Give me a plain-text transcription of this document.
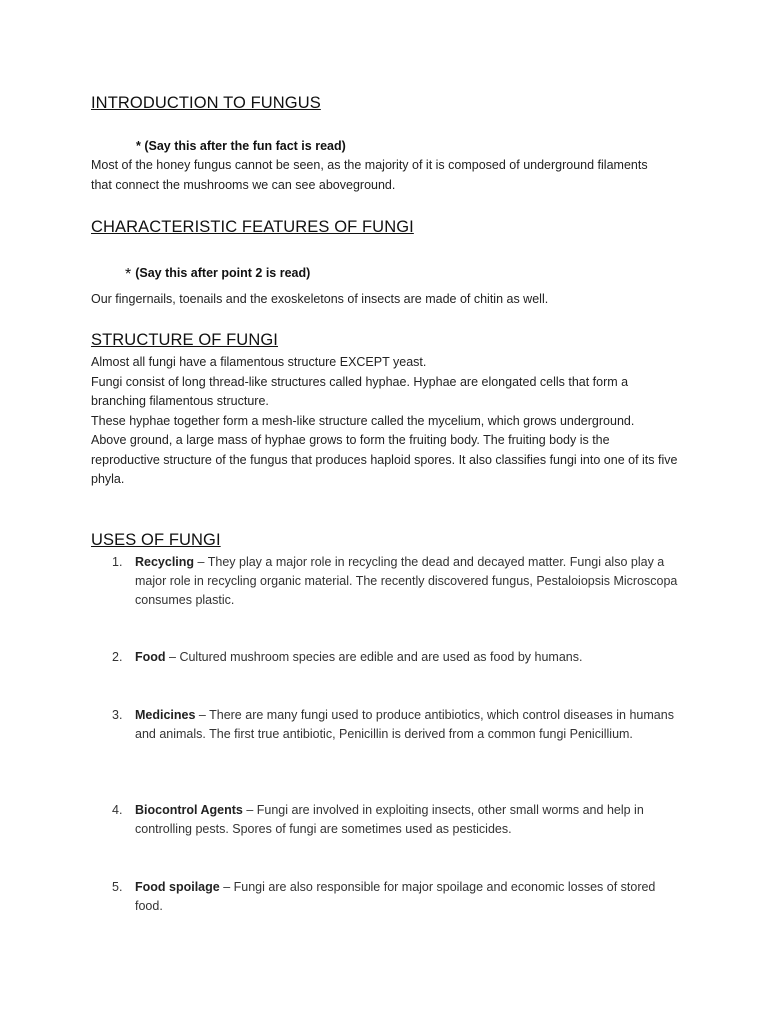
INTRODUCTION TO FUNGUS

* (Say this after the fun fact is read)

Most of the honey fungus cannot be seen, as the majority of it is composed of underground filaments that connect the mushrooms we can see aboveground.

CHARACTERISTIC FEATURES OF FUNGI

* (Say this after point 2 is read)

Our fingernails, toenails and the exoskeletons of insects are made of chitin as well.

STRUCTURE OF FUNGI
Almost all fungi have a filamentous structure EXCEPT yeast.
Fungi consist of long thread-like structures called hyphae. Hyphae are elongated cells that form a branching filamentous structure.
These hyphae together form a mesh-like structure called the mycelium, which grows underground.
Above ground, a large mass of hyphae grows to form the fruiting body. The fruiting body is the reproductive structure of the fungus that produces haploid spores. It also classifies fungi into one of its five phyla.
USES OF FUNGI
1. Recycling – They play a major role in recycling the dead and decayed matter. Fungi also play a major role in recycling organic material. The recently discovered fungus, Pestaloiopsis Microscopa consumes plastic.
2. Food – Cultured mushroom species are edible and are used as food by humans.
3. Medicines – There are many fungi used to produce antibiotics, which control diseases in humans and animals. The first true antibiotic, Penicillin is derived from a common fungi Penicillium.
4. Biocontrol Agents – Fungi are involved in exploiting insects, other small worms and help in controlling pests. Spores of fungi are sometimes used as pesticides.
5. Food spoilage – Fungi are also responsible for major spoilage and economic losses of stored food.
